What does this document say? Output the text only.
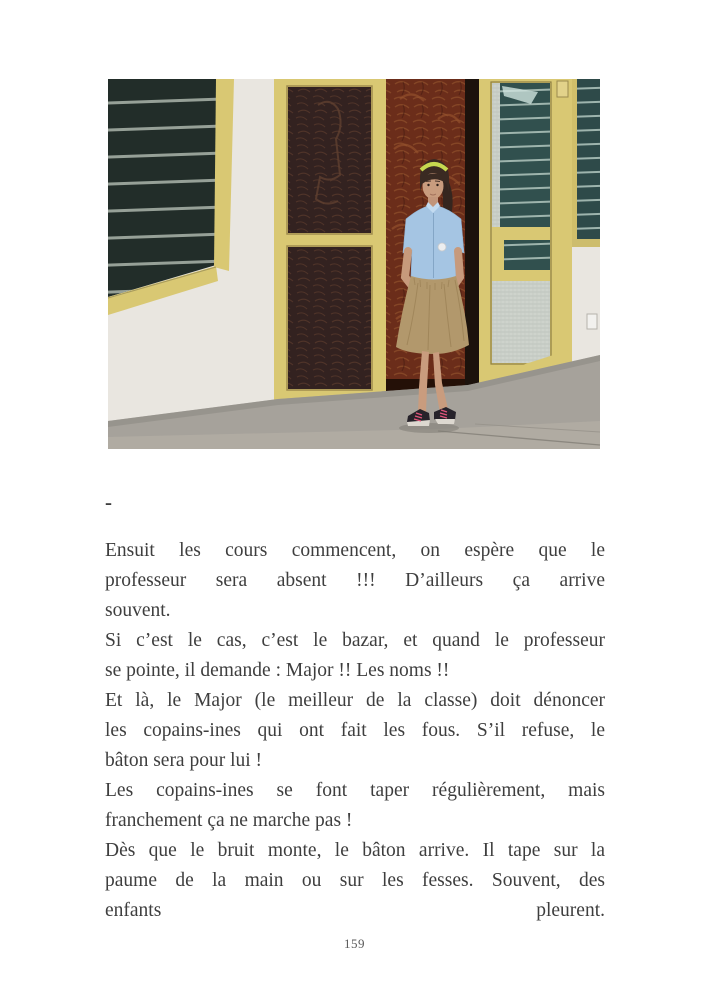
-
Ensuit les cours commencent, on espère que le
professeur sera absent !!! D’ailleurs ça arrive
souvent.
Si c’est le cas, c’est le bazar, et quand le professeur
se pointe, il demande : Major !! Les noms !!
Et là, le Major (le meilleur de la classe) doit dénoncer
les copains-ines qui ont fait les fous. S’il refuse, le
bâton sera pour lui !
Les copains-ines se font taper régulièrement, mais
franchement ça ne marche pas !
Dès que le bruit monte, le bâton arrive. Il tape sur la
paume de la main ou sur les fesses. Souvent, des
enfants pleurent.
159
